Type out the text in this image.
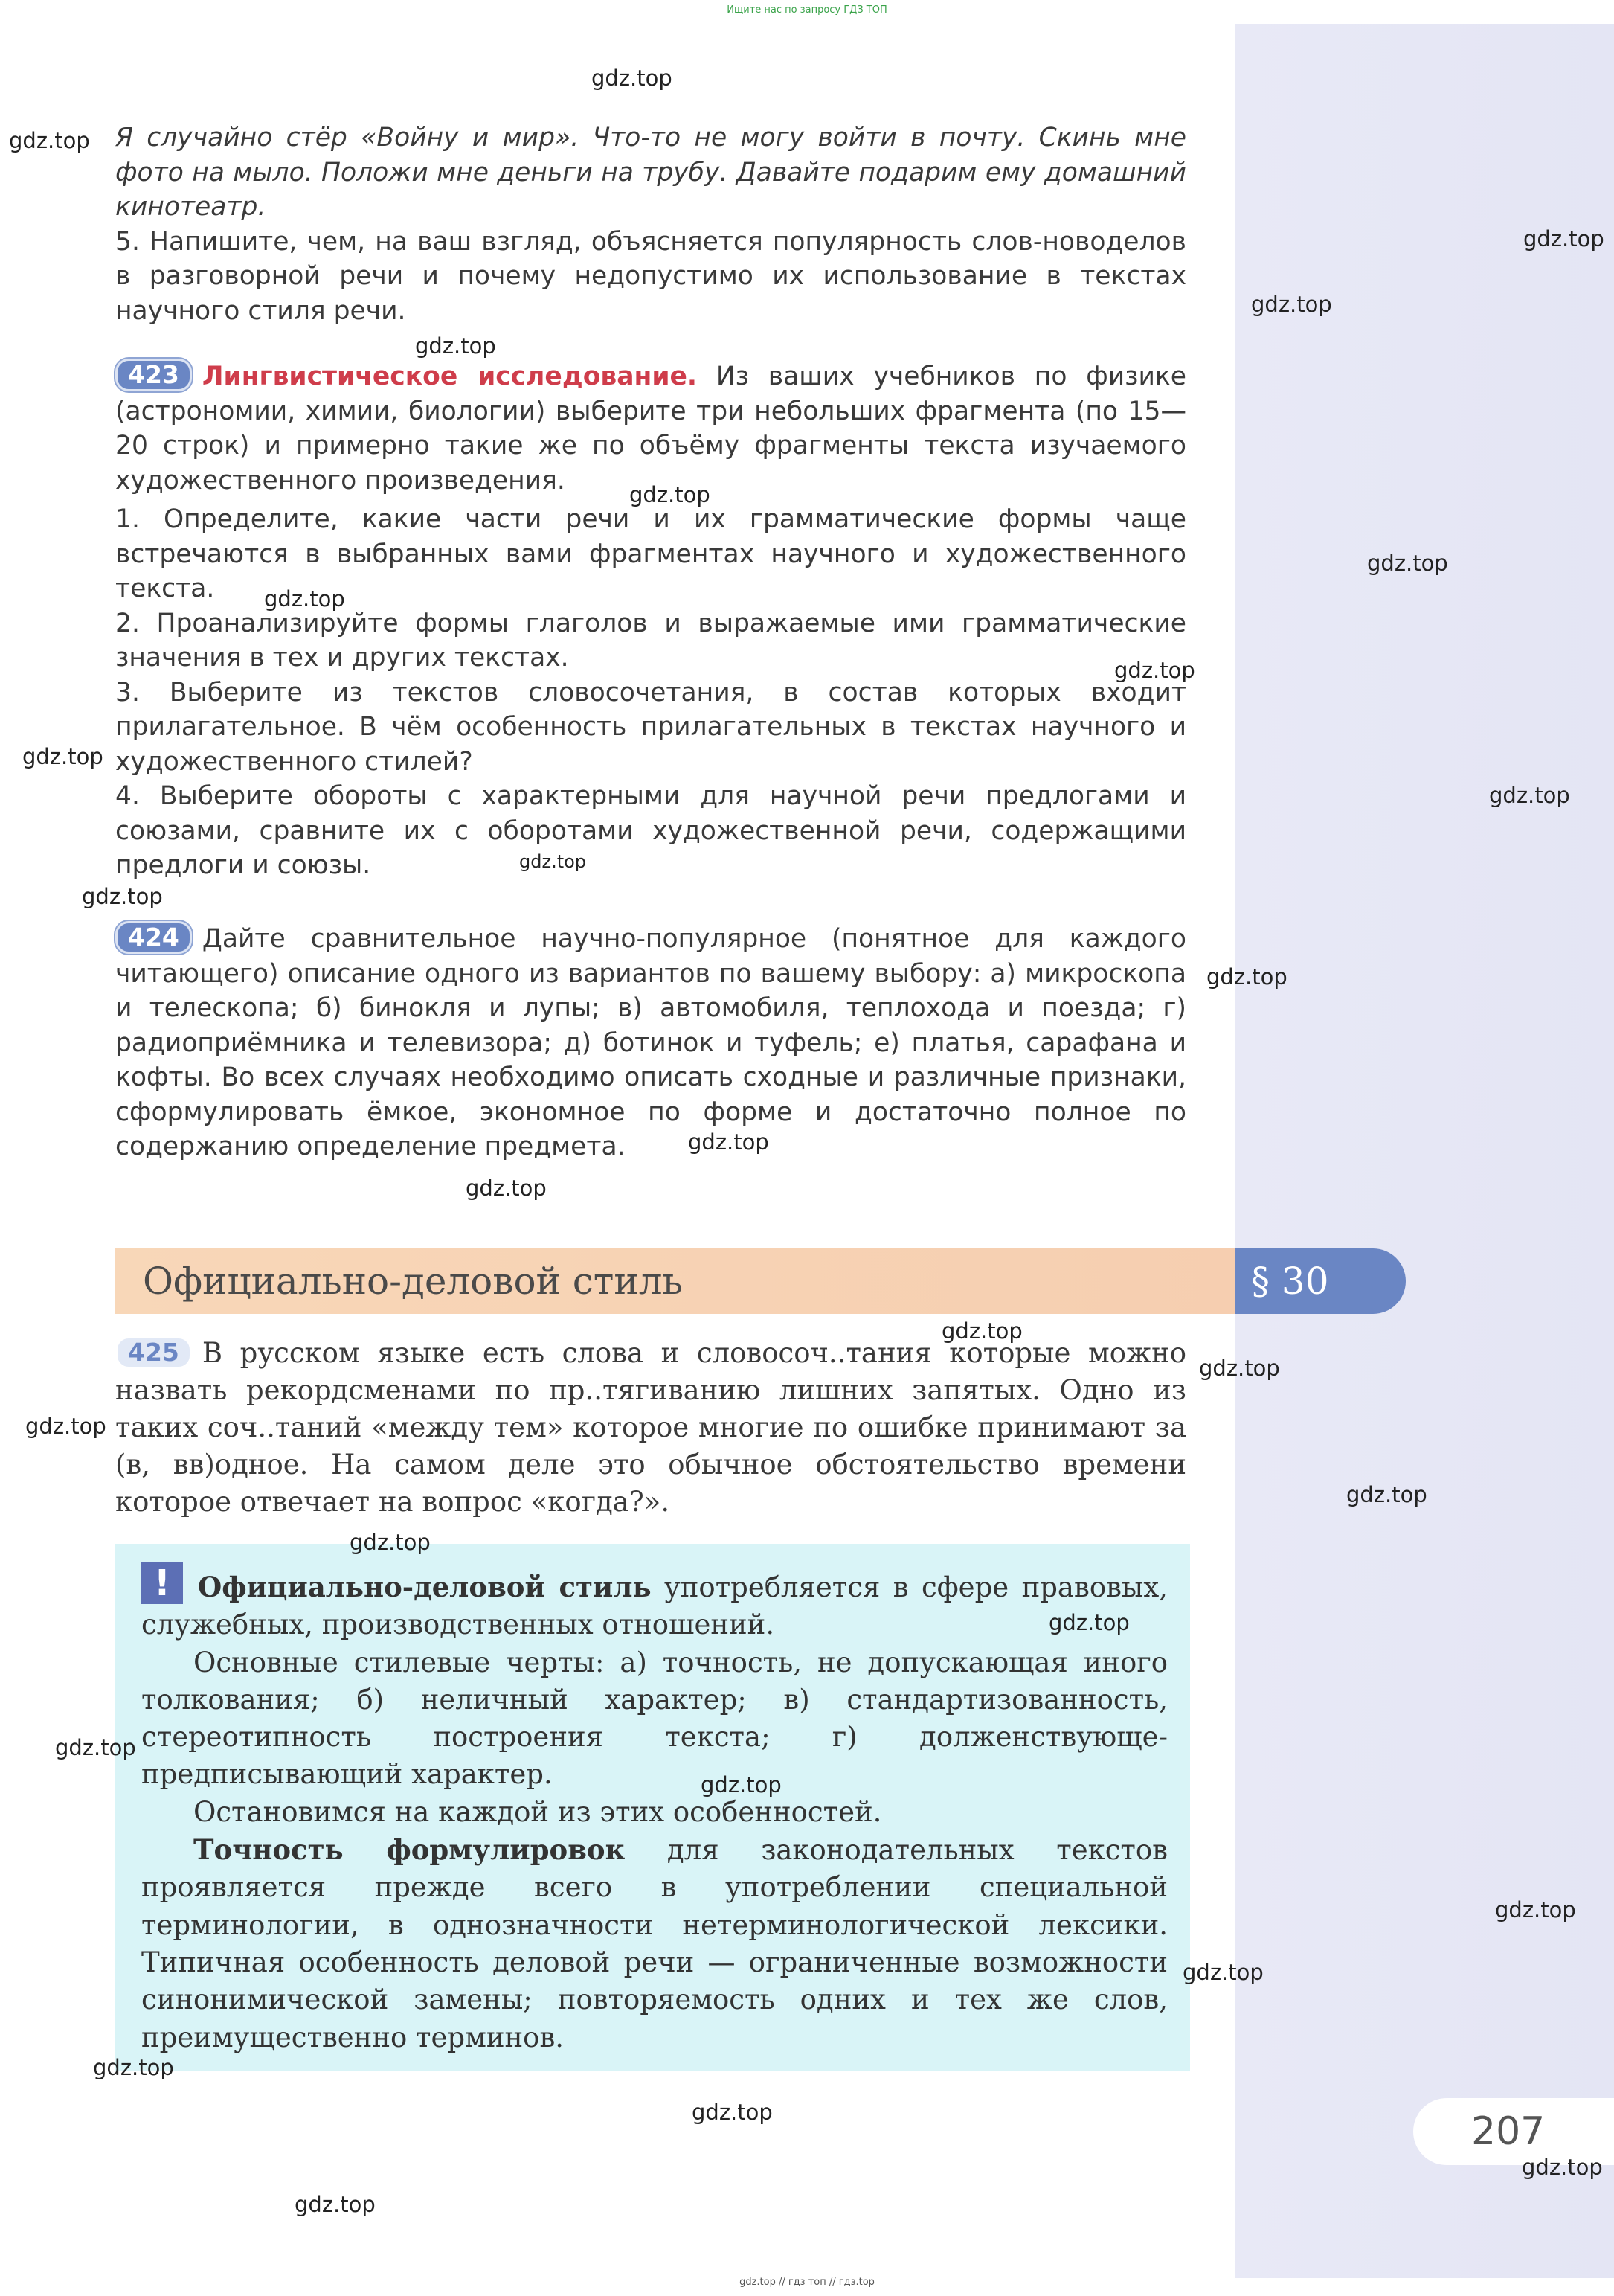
Ищите нас по запросу ГДЗ ТОП

Я случайно стёр «Войну и мир». Что-то не могу войти в почту. Скинь мне фото на мыло. Положи мне деньги на трубу. Давайте подарим ему домашний кинотеатр.

5. Напишите, чем, на ваш взгляд, объясняется популярность слов-новоделов в разговорной речи и почему недопустимо их использование в текстах научного стиля речи.

423 Лингвистическое исследование. Из ваших учебников по физике (астрономии, химии, биологии) выберите три небольших фрагмента (по 15—20 строк) и примерно такие же по объёму фрагменты текста изучаемого художественного произведения.

1. Определите, какие части речи и их грамматические формы чаще встречаются в выбранных вами фрагментах научного и художественного текста.

2. Проанализируйте формы глаголов и выражаемые ими грамматические значения в тех и других текстах.

3. Выберите из текстов словосочетания, в состав которых входит прилагательное. В чём особенность прилагательных в текстах научного и художественного стилей?

4. Выберите обороты с характерными для научной речи предлогами и союзами, сравните их с оборотами художественной речи, содержащими предлоги и союзы.

424 Дайте сравнительное научно-популярное (понятное для каждого читающего) описание одного из вариантов по вашему выбору: а) микроскопа и телескопа; б) бинокля и лупы; в) автомобиля, теплохода и поезда; г) радиоприёмника и телевизора; д) ботинок и туфель; е) платья, сарафана и кофты. Во всех случаях необходимо описать сходные и различные признаки, сформулировать ёмкое, экономное по форме и достаточно полное по содержанию определение предмета.

Официально-деловой стиль	§ 30

425 В русском языке есть слова и словосоч..тания которые можно назвать рекордсменами по пр..тягиванию лишних запятых. Одно из таких соч..таний «между тем» которое многие по ошибке принимают за (в, вв)одное. На самом деле это обычное обстоятельство времени которое отвечает на вопрос «когда?».

!	Официально-деловой стиль употребляется в сфере правовых, служебных, производственных отношений.

Основные стилевые черты: а) точность, не допускающая иного толкования; б) неличный характер; в) стандартизованность, стереотипность построения текста; г) долженствующе-предписывающий характер.

Остановимся на каждой из этих особенностей.

Точность формулировок для законодательных текстов проявляется прежде всего в употреблении специальной терминологии, в однозначности нетерминологической лексики. Типичная особенность деловой речи — ограниченные возможности синонимической замены; повторяемость одних и тех же слов, преимущественно терминов.

207
gdz.top
gdz.top
gdz.top
gdz.top
gdz.top
gdz.top
gdz.top
gdz.top
gdz.top
gdz.top
gdz.top
gdz.top
gdz.top
gdz.top
gdz.top
gdz.top
gdz.top
gdz.top
gdz.top
gdz.top
gdz.top
gdz.top
gdz.top
gdz.top
gdz.top
gdz.top
gdz.top
gdz.top
gdz.top
gdz.top
gdz.top // гдз топ // гдз.top
